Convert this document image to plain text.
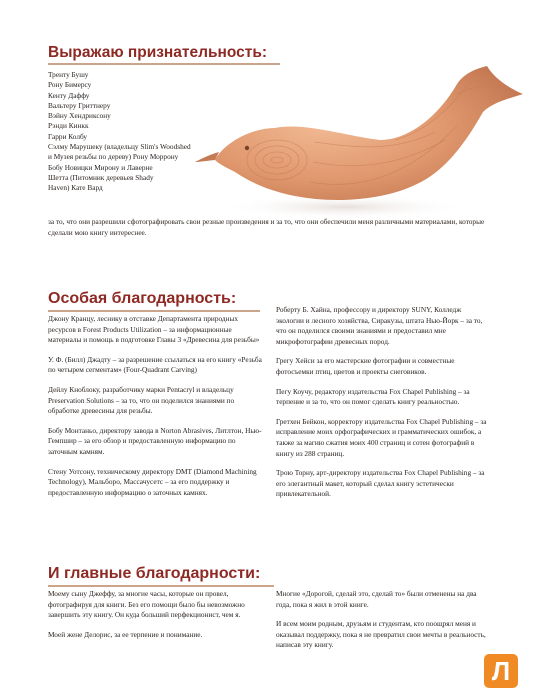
Выражаю признательность:
Тренту Бушу
Рону Бимерсу
Кенту Даффу
Вальтеру Гриттнеру
Вэйну Хендриксону
Рэнди Кинкк
Гарри Колбу
Сэлму Марушеку (владельцу Slim's Woodshed
и Музея резьбы по дереву) Рону Моррону
Бобу Новицки Мирону и Лаверне
Шетта (Питомник деревьев Shady
Haven) Кате Вард

за то, что они разрешили сфотографировать свои резные произведения и за то, что они обеспечили меня различными материалами, которые сделали мою книгу интереснее.

Особая благодарность:

Джону Кранцу, леснику в отставке Департамента природных ресурсов в Forest Products Utilization – за информационные материалы и помощь в подготовке Главы 3 «Древесина для резьбы»

У. Ф. (Билл) Джадту – за разрешение ссылаться на его книгу «Резьба по четырем сегментам» (Four-Quadrant Carving)

Дейлу Кноблоку, разработчику марки Pentacryl и владельцу Preservation Solutions – за то, что он поделился знаниями по обработке древесины для резьбы.

Бобу Монтаньо, директору завода в Norton Abrasives, Литлтон, Нью-Гемпшир – за его обзор и предоставленную информацию по заточным камням.

Стену Уотсону, техническому директору DMT (Diamond Machining Technology), Мальборо, Массачусетс – за его поддержку и предоставленную информацию о заточных камнях.

Роберту Б. Хайна, профессору и директору SUNY, Колледж экологии и лесного хозяйства, Сиракузы, штата Нью-Йорк – за то, что он поделился своими знаниями и предоставил мне микрофотографии древесных пород.

Грегу Хейси за его мастерские фотографии и совместные фотосъемки птиц, цветов и проекты снеговиков.

Пегу Коучу, редактору издательства Fox Chapel Publishing – за терпение и за то, что он помог сделать книгу реальностью.

Гретхен Бейкон, корректору издательства Fox Chapel Publishing – за исправление моих орфографических и грамматических ошибок, а также за магию сжатия моих 400 страниц и сотен фотографий в книгу из 288 страниц.

Трою Торну, арт-директору издательства Fox Chapel Publishing – за его элегантный макет, который сделал книгу эстетически привлекательной.

И главные благодарности:

Моему сыну Джеффу, за многие часы, которые он провел, фотографируя для книги. Без его помощи было бы невозможно завершить эту книгу. Он куда больший перфекционист, чем я.

Моей жене Делорис, за ее терпение и понимание.

Многие «Дорогой, сделай это, сделай то» были отменены на два года, пока я жил в этой книге.

И всем моим родным, друзьям и студентам, кто поощрял меня и оказывал поддержку, пока я не превратил свои мечты в реальность, написав эту книгу.

Л
